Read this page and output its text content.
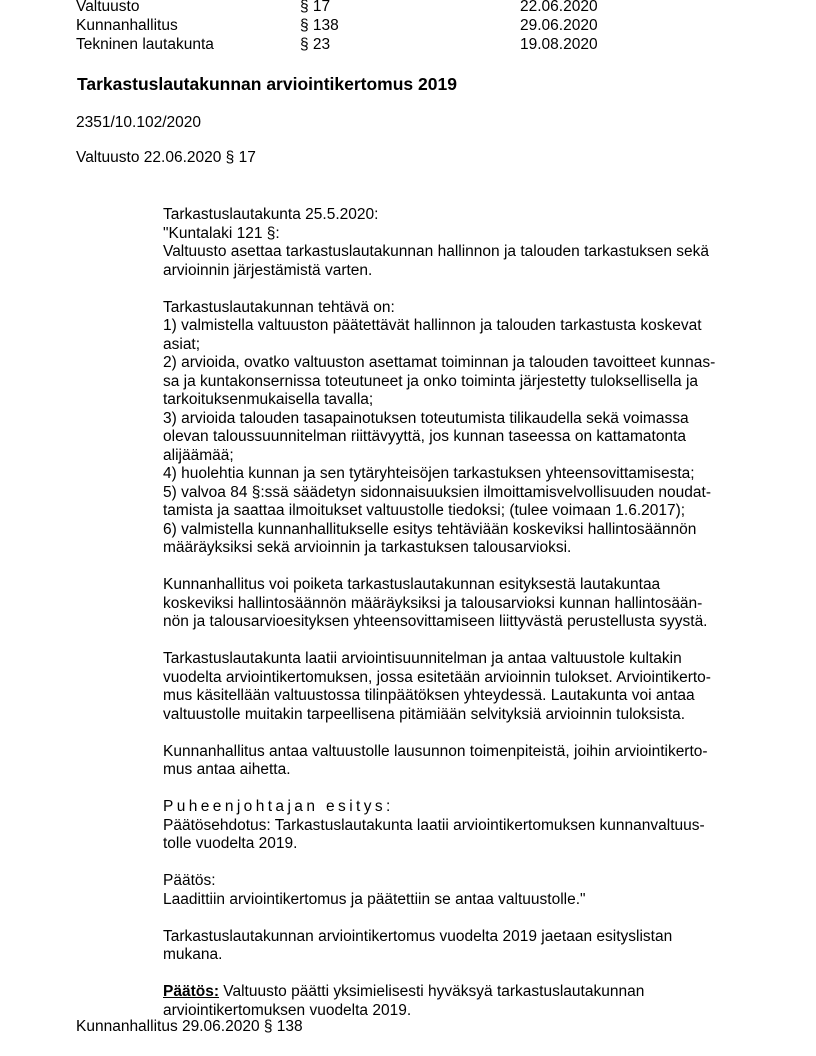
Valtuusto	§ 17	22.06.2020
Kunnanhallitus	§ 138	29.06.2020
Tekninen lautakunta	§ 23	19.08.2020
Tarkastuslautakunnan arviointikertomus 2019
2351/10.102/2020
Valtuusto 22.06.2020 § 17

Tarkastuslautakunta 25.5.2020:
"Kuntalaki 121 §:
Valtuusto asettaa tarkastuslautakunnan hallinnon ja talouden tarkastuksen sekä
arvioinnin järjestämistä varten.

Tarkastuslautakunnan tehtävä on:
1) valmistella valtuuston päätettävät hallinnon ja talouden tarkastusta koskevat
asiat;
2) arvioida, ovatko valtuuston asettamat toiminnan ja talouden tavoitteet kunnas-
sa ja kuntakonsernissa toteutuneet ja onko toiminta järjestetty tuloksellisella ja
tarkoituksenmukaisella tavalla;
3) arvioida talouden tasapainotuksen toteutumista tilikaudella sekä voimassa
olevan taloussuunnitelman riittävyyttä, jos kunnan taseessa on kattamatonta
alijäämää;
4) huolehtia kunnan ja sen tytäryhteisöjen tarkastuksen yhteensovittamisesta;
5) valvoa 84 §:ssä säädetyn sidonnaisuuksien ilmoittamisvelvollisuuden noudat-
tamista ja saattaa ilmoitukset valtuustolle tiedoksi; (tulee voimaan 1.6.2017);
6) valmistella kunnanhallitukselle esitys tehtäviään koskeviksi hallintosäännön
määräyksiksi sekä arvioinnin ja tarkastuksen talousarvioksi.

Kunnanhallitus voi poiketa tarkastuslautakunnan esityksestä lautakuntaa
koskeviksi hallintosäännön määräyksiksi ja talousarvioksi kunnan hallintosään-
nön ja talousarvioesityksen yhteensovittamiseen liittyvästä perustellusta syystä.

Tarkastuslautakunta laatii arviointisuunnitelman ja antaa valtuustole kultakin
vuodelta arviointikertomuksen, jossa esitetään arvioinnin tulokset. Arviointikerto-
mus käsitellään valtuustossa tilinpäätöksen yhteydessä. Lautakunta voi antaa
valtuustolle muitakin tarpeellisena pitämiään selvityksiä arvioinnin tuloksista.

Kunnanhallitus antaa valtuustolle lausunnon toimenpiteistä, joihin arviointikerto-
mus antaa aihetta.

Puheenjohtajan esitys:
Päätösehdotus: Tarkastuslautakunta laatii arviointikertomuksen kunnanvaltuus-
tolle vuodelta 2019.

Päätös:
Laadittiin arviointikertomus ja päätettiin se antaa valtuustolle."

Tarkastuslautakunnan arviointikertomus vuodelta 2019 jaetaan esityslistan
mukana.

Päätös: Valtuusto päätti yksimielisesti hyväksyä tarkastuslautakunnan
arviointikertomuksen vuodelta 2019.

Kunnanhallitus 29.06.2020 § 138
